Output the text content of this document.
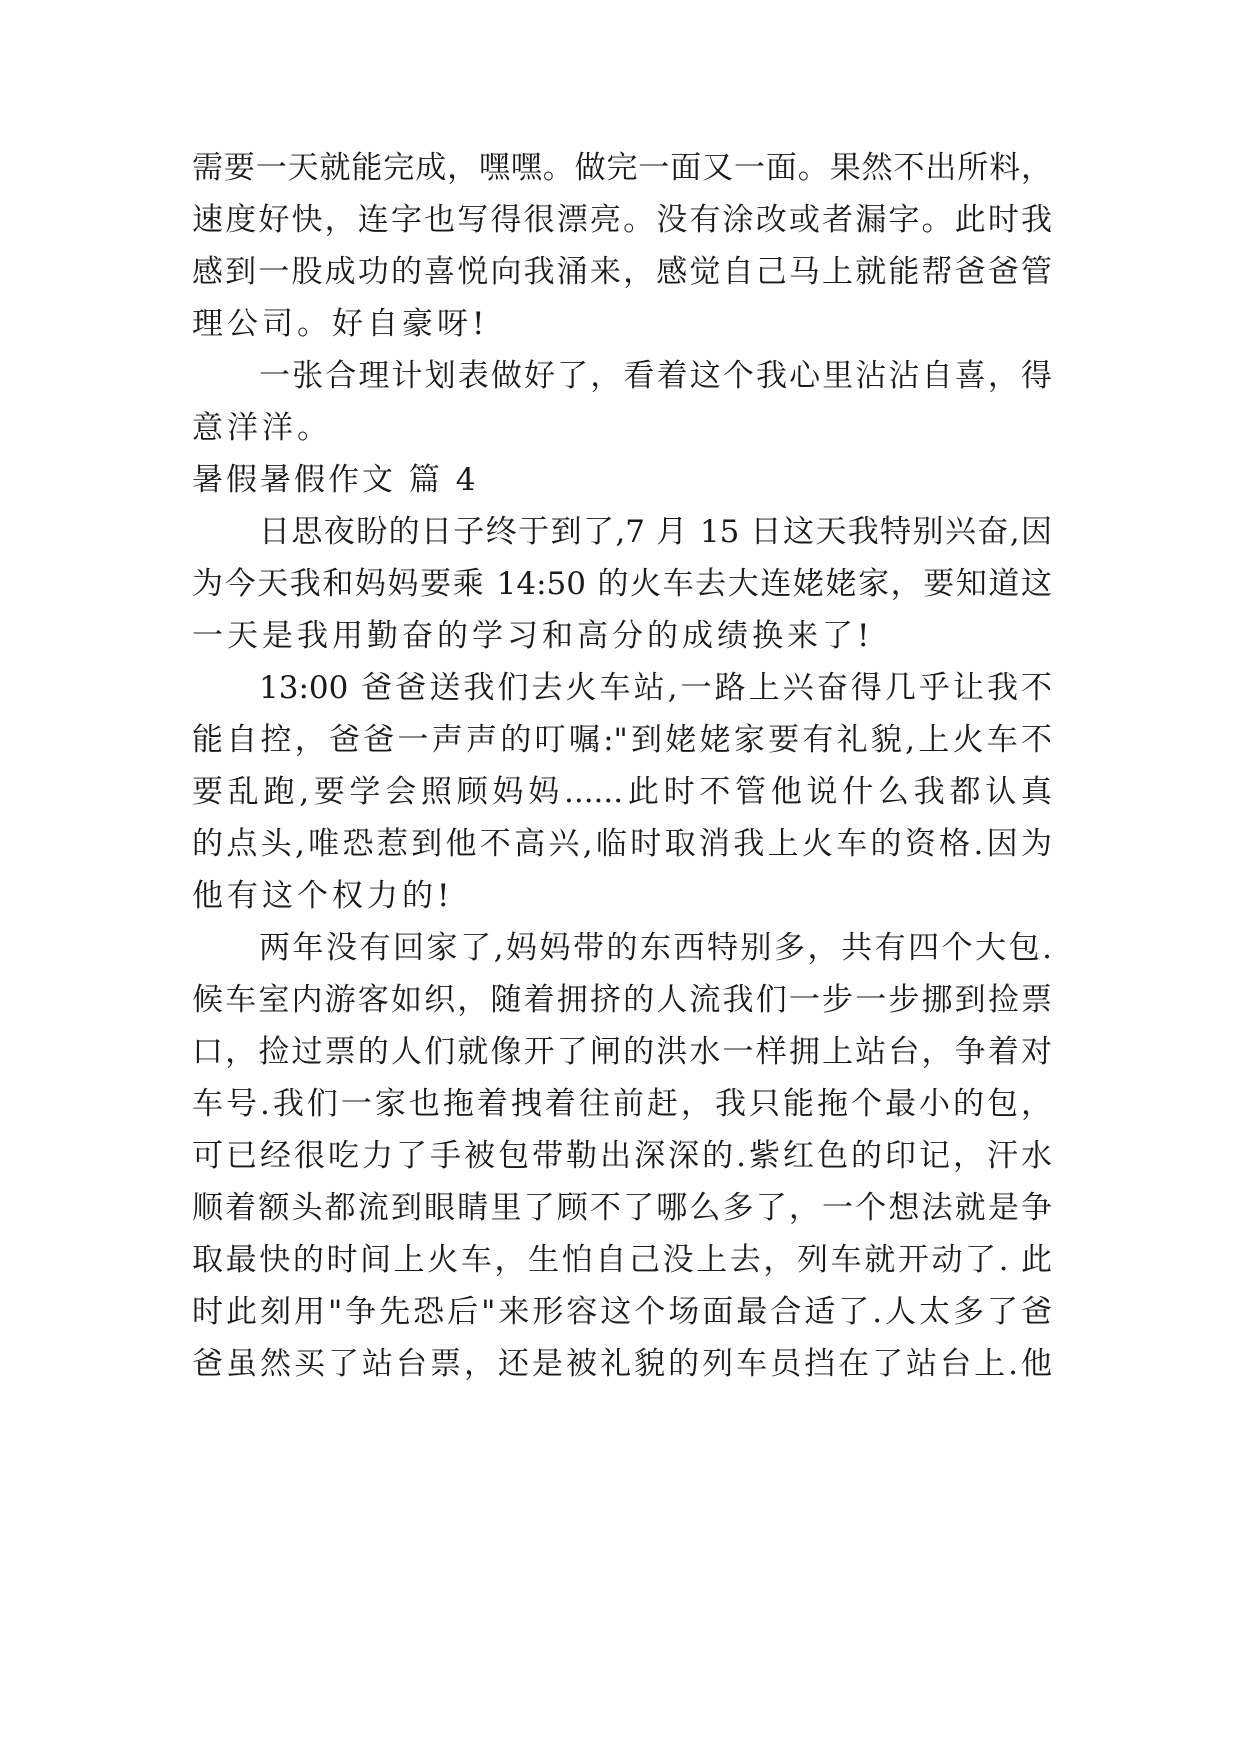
需要一天就能完成，嘿嘿。做完一面又一面。果然不出所料，
速度好快，连字也写得很漂亮。没有涂改或者漏字。此时我
感到一股成功的喜悦向我涌来，感觉自己马上就能帮爸爸管
理公司。好自豪呀!
一张合理计划表做好了，看着这个我心里沾沾自喜，得
意洋洋。
暑假暑假作文 篇 4
日思夜盼的日子终于到了,7 月 15 日这天我特别兴奋,因
为今天我和妈妈要乘 14:50 的火车去大连姥姥家，要知道这
一天是我用勤奋的学习和高分的成绩换来了!
13:00 爸爸送我们去火车站,一路上兴奋得几乎让我不
能自控，爸爸一声声的叮嘱:"到姥姥家要有礼貌,上火车不
要乱跑,要学会照顾妈妈......此时不管他说什么我都认真
的点头,唯恐惹到他不高兴,临时取消我上火车的资格.因为
他有这个权力的!
两年没有回家了,妈妈带的东西特别多，共有四个大包.
候车室内游客如织，随着拥挤的人流我们一步一步挪到捡票
口，捡过票的人们就像开了闸的洪水一样拥上站台，争着对
车号.我们一家也拖着拽着往前赶，我只能拖个最小的包，
可已经很吃力了手被包带勒出深深的.紫红色的印记，汗水
顺着额头都流到眼睛里了顾不了哪么多了，一个想法就是争
取最快的时间上火车，生怕自己没上去，列车就开动了. 此
时此刻用"争先恐后"来形容这个场面最合适了.人太多了爸
爸虽然买了站台票，还是被礼貌的列车员挡在了站台上.他
